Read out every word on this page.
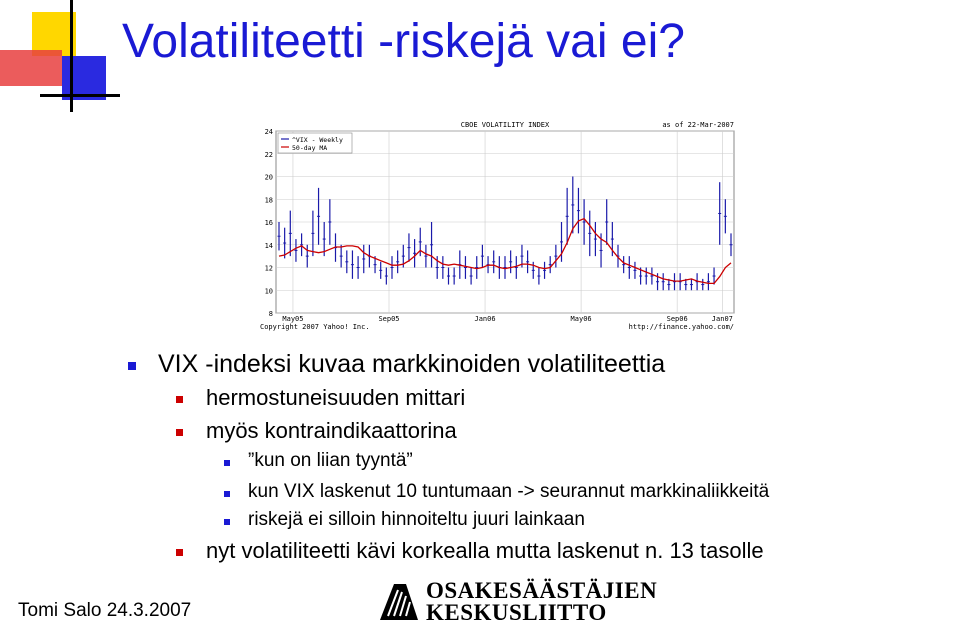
Volatiliteetti -riskejä vai ei?
8
10
12
14
16
18
20
22
24
May05	Sep05	Jan06	May06	Sep06	Jan07
CBOE VOLATILITY INDEX	as of 22-Mar-2007
^VIX - Weekly
50-day MA
Copyright 2007 Yahoo! Inc.	http://finance.yahoo.com/
VIX -indeksi kuvaa markkinoiden volatiliteettia
hermostuneisuuden mittari
myös kontraindikaattorina
”kun on liian tyyntä”
kun VIX laskenut 10 tuntumaan -> seurannut markkinaliikkeitä
riskejä ei silloin hinnoiteltu juuri lainkaan
nyt volatiliteetti kävi korkealla mutta laskenut n. 13 tasolle
Tomi Salo 24.3.2007
OSAKESÄÄSTÄJIEN
KESKUSLIITTO
